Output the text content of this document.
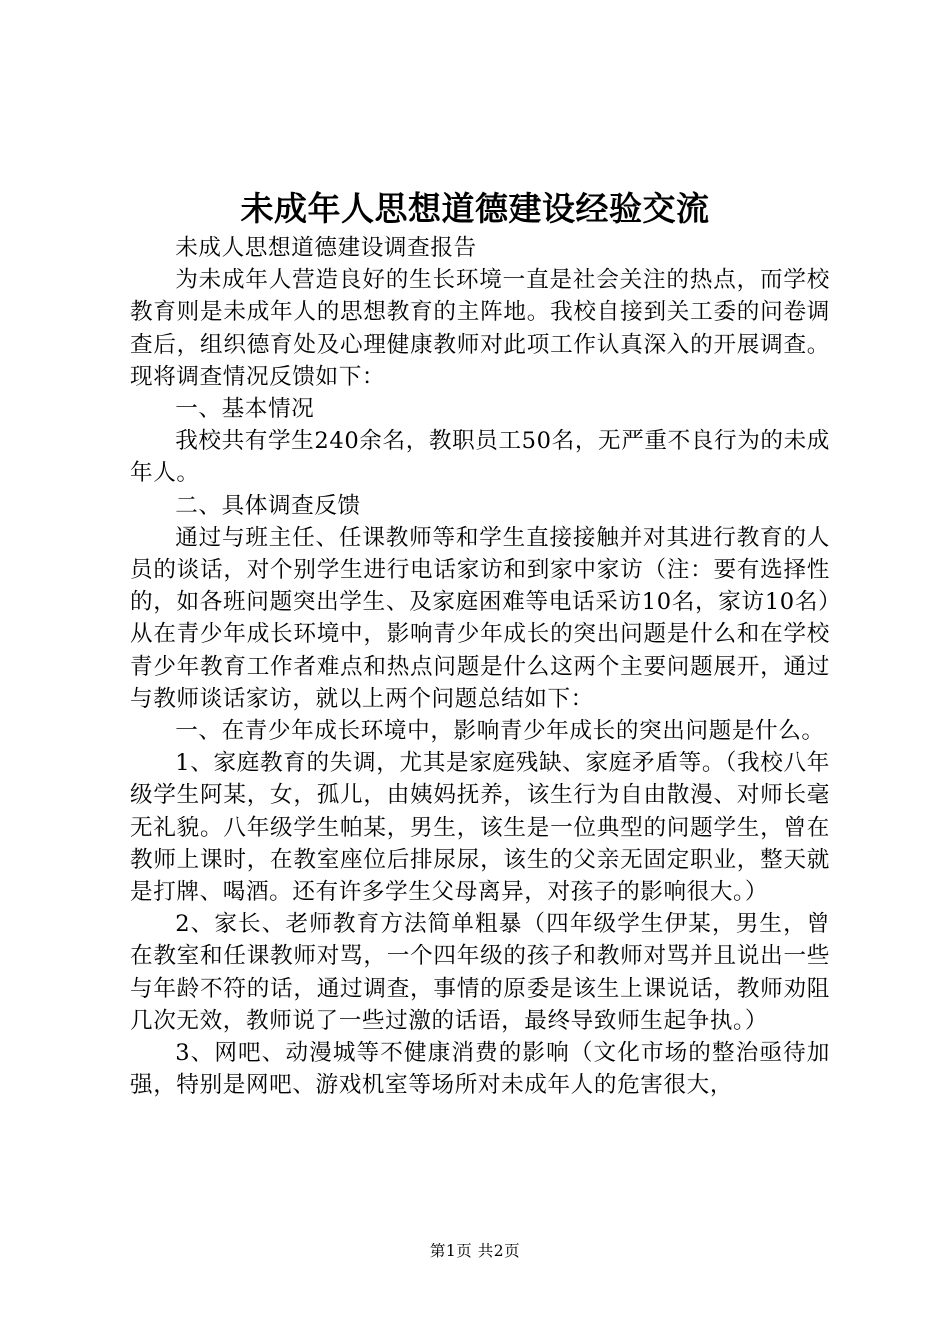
未成年人思想道德建设经验交流

未成人思想道德建设调查报告

为未成年人营造良好的生长环境一直是社会关注的热点，而学校教育则是未成年人的思想教育的主阵地。我校自接到关工委的问卷调查后，组织德育处及心理健康教师对此项工作认真深入的开展调查。现将调查情况反馈如下：

一、基本情况

我校共有学生240余名，教职员工50名，无严重不良行为的未成年人。

二、具体调查反馈

通过与班主任、任课教师等和学生直接接触并对其进行教育的人员的谈话，对个别学生进行电话家访和到家中家访（注：要有选择性的，如各班问题突出学生、及家庭困难等电话采访10名，家访10名）从在青少年成长环境中，影响青少年成长的突出问题是什么和在学校青少年教育工作者难点和热点问题是什么这两个主要问题展开，通过与教师谈话家访，就以上两个问题总结如下：

一、在青少年成长环境中，影响青少年成长的突出问题是什么。

1、家庭教育的失调，尤其是家庭残缺、家庭矛盾等。（我校八年级学生阿某，女，孤儿，由姨妈抚养，该生行为自由散漫、对师长毫无礼貌。八年级学生帕某，男生，该生是一位典型的问题学生，曾在教师上课时，在教室座位后排尿尿，该生的父亲无固定职业，整天就是打牌、喝酒。还有许多学生父母离异，对孩子的影响很大。）

2、家长、老师教育方法简单粗暴（四年级学生伊某，男生，曾在教室和任课教师对骂，一个四年级的孩子和教师对骂并且说出一些与年龄不符的话，通过调查，事情的原委是该生上课说话，教师劝阻几次无效，教师说了一些过激的话语，最终导致师生起争执。）

3、网吧、动漫城等不健康消费的影响（文化市场的整治亟待加强，特别是网吧、游戏机室等场所对未成年人的危害很大，

第1页 共2页
